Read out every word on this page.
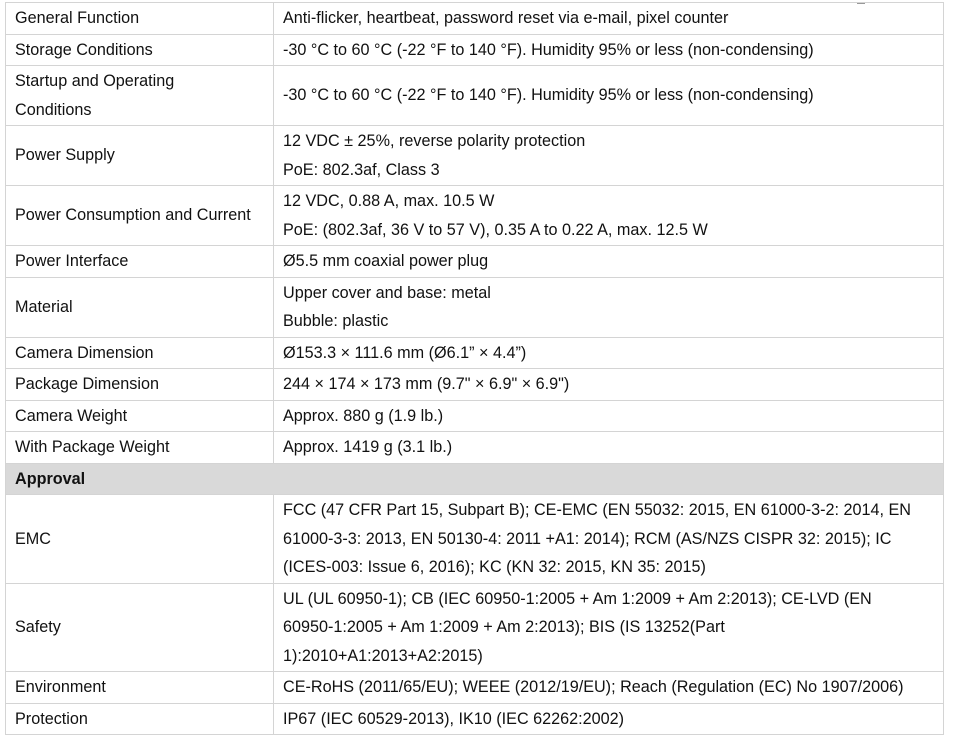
General Function	Anti-flicker, heartbeat, password reset via e-mail, pixel counter

Storage Conditions	-30 °C to 60 °C (-22 °F to 140 °F). Humidity 95% or less (non-condensing)

Startup and Operating
Conditions	-30 °C to 60 °C (-22 °F to 140 °F). Humidity 95% or less (non-condensing)

Power Supply	12 VDC ± 25%, reverse polarity protection
PoE: 802.3af, Class 3

Power Consumption and Current	12 VDC, 0.88 A, max. 10.5 W
PoE: (802.3af, 36 V to 57 V), 0.35 A to 0.22 A, max. 12.5 W

Power Interface	Ø5.5 mm coaxial power plug

Material	Upper cover and base: metal
Bubble: plastic

Camera Dimension	Ø153.3 × 111.6 mm (Ø6.1” × 4.4”)

Package Dimension	244 × 174 × 173 mm (9.7" × 6.9" × 6.9")

Camera Weight	Approx. 880 g (1.9 lb.)

With Package Weight	Approx. 1419 g (3.1 lb.)

Approval	

EMC	FCC (47 CFR Part 15, Subpart B); CE-EMC (EN 55032: 2015, EN 61000-3-2: 2014, EN
61000-3-3: 2013, EN 50130-4: 2011 +A1: 2014); RCM (AS/NZS CISPR 32: 2015); IC
(ICES-003: Issue 6, 2016); KC (KN 32: 2015, KN 35: 2015)

Safety	UL (UL 60950-1); CB (IEC 60950-1:2005 + Am 1:2009 + Am 2:2013); CE-LVD (EN
60950-1:2005 + Am 1:2009 + Am 2:2013); BIS (IS 13252(Part
1):2010+A1:2013+A2:2015)

Environment	CE-RoHS (2011/65/EU); WEEE (2012/19/EU); Reach (Regulation (EC) No 1907/2006)

Protection	IP67 (IEC 60529-2013), IK10 (IEC 62262:2002)
